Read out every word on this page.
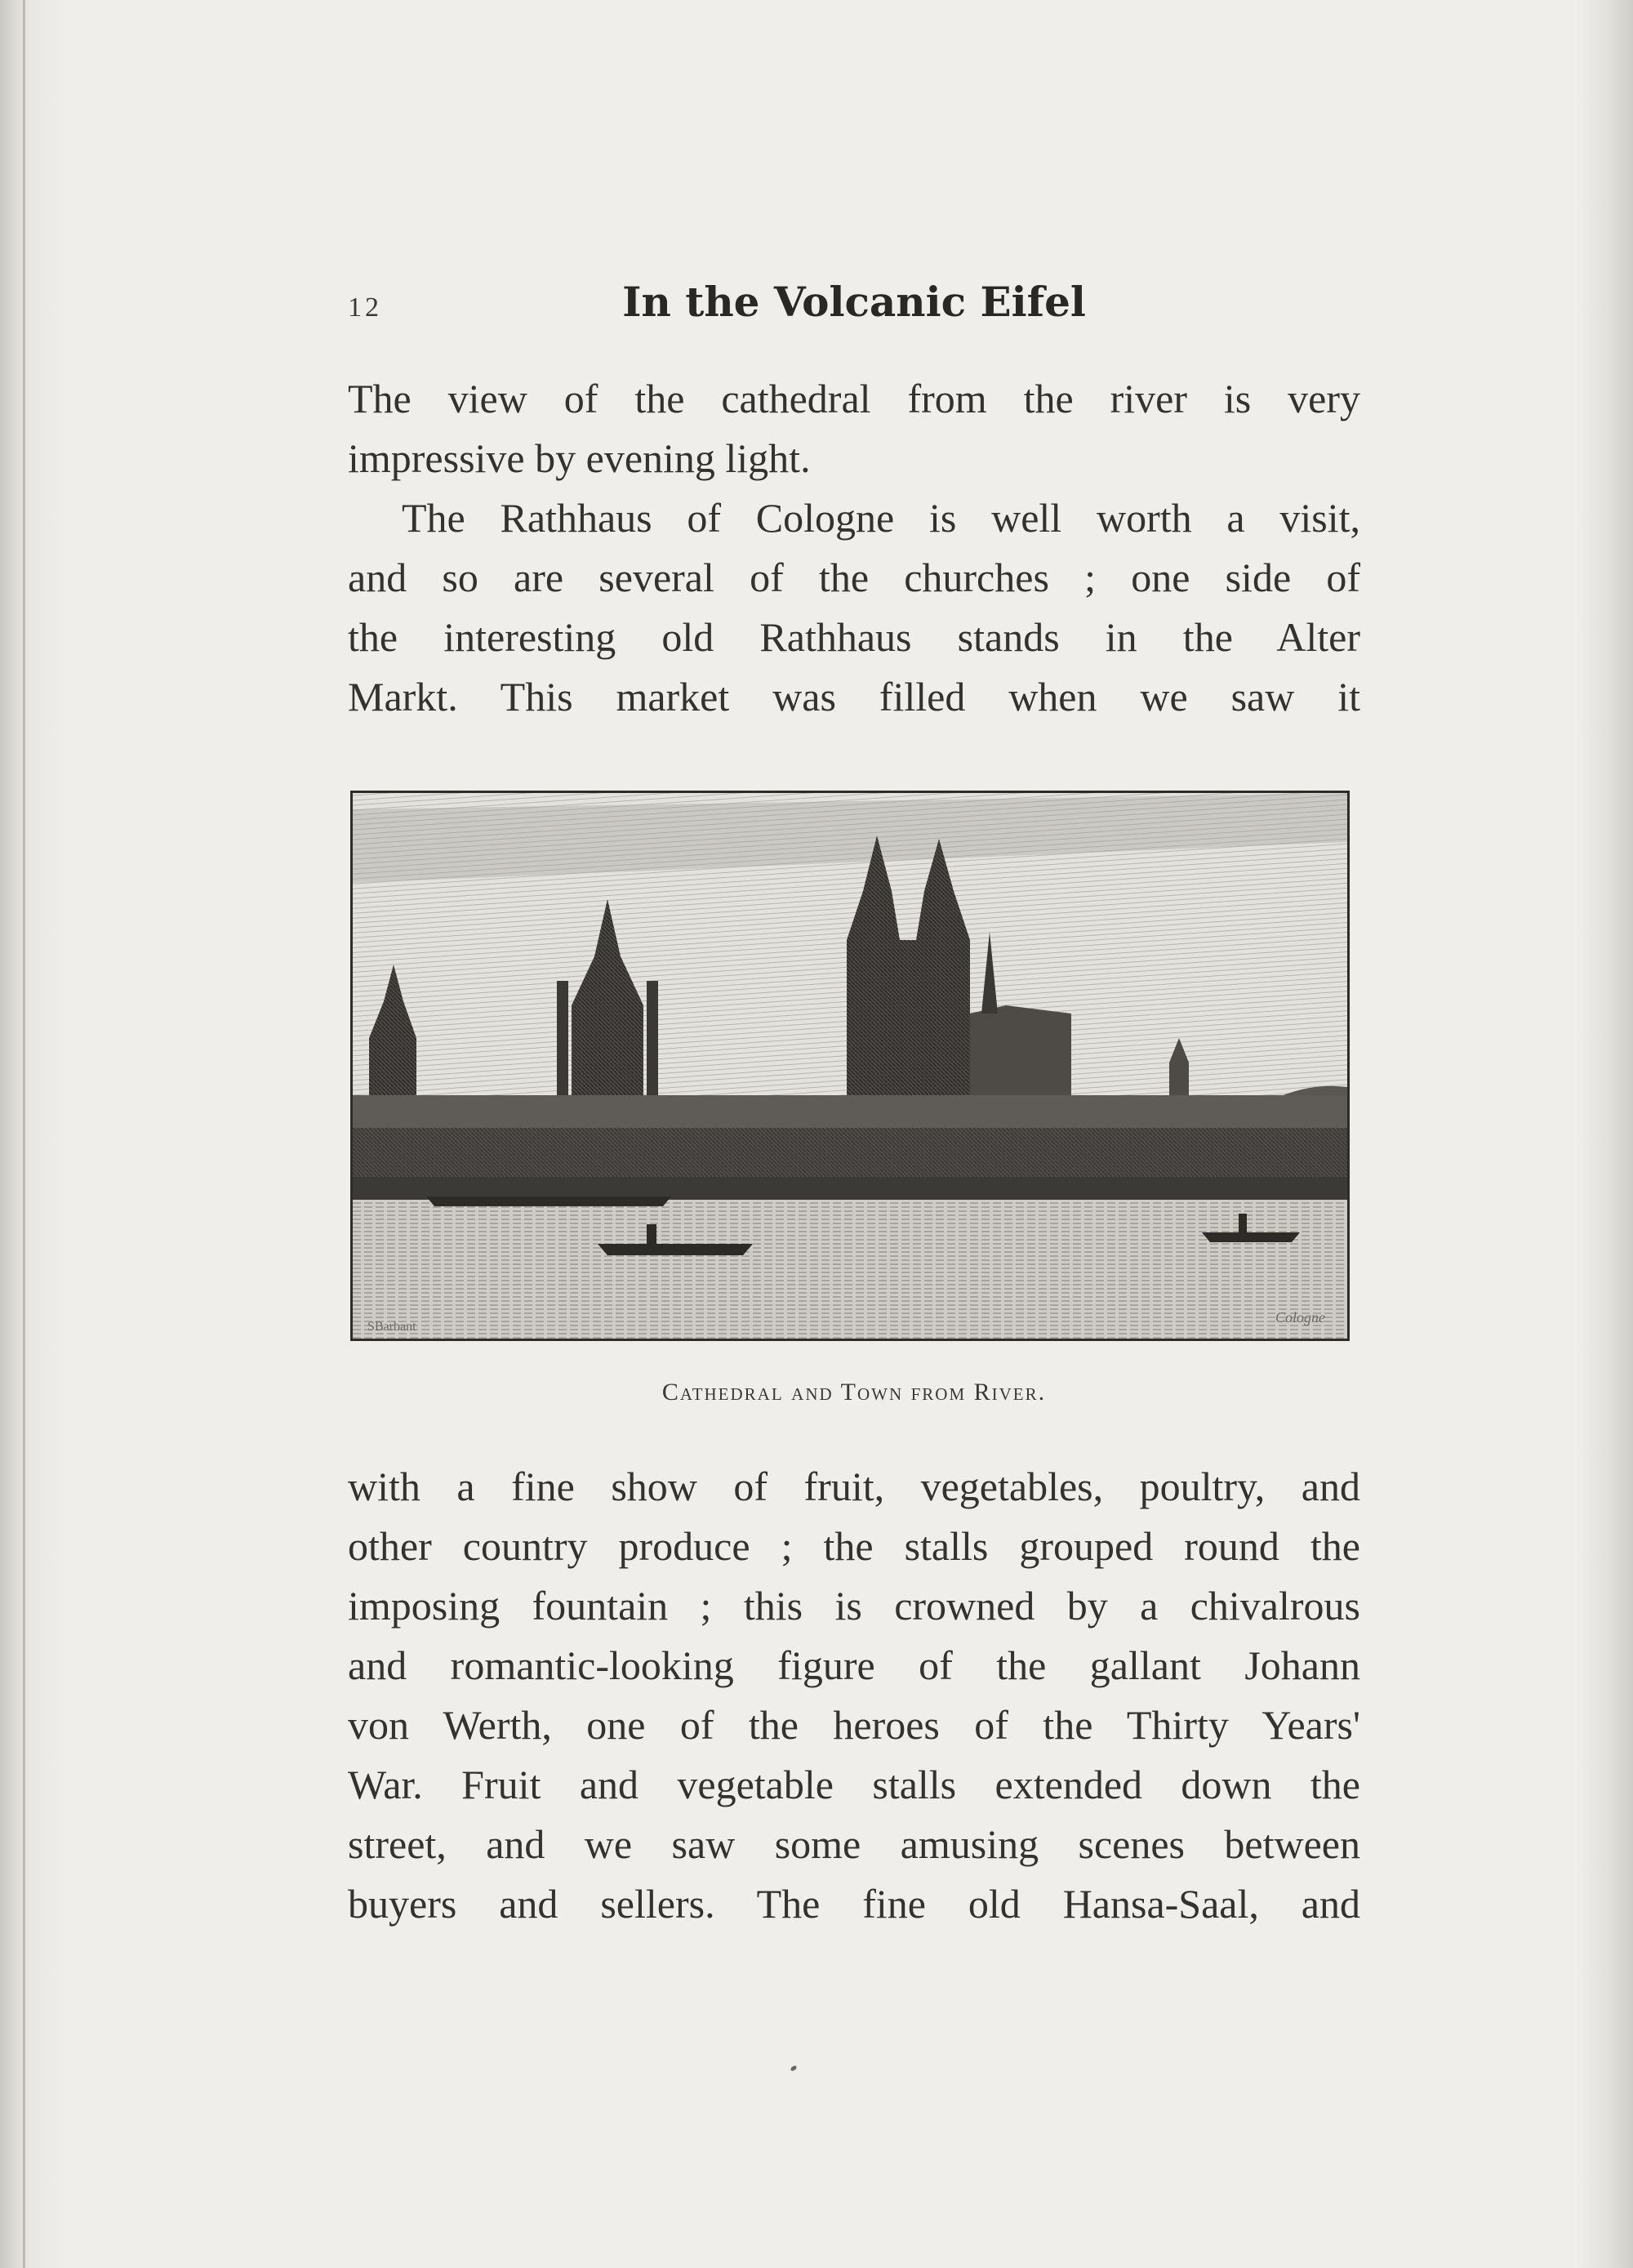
12	In the Volcanic Eifel
The view of the cathedral from the river is very
impressive by evening light.
The Rathhaus of Cologne is well worth a visit,
and so are several of the churches ; one side of
the interesting old Rathhaus stands in the Alter
Markt. This market was filled when we saw it
SBarbant
Cologne
Cathedral and Town from River.
with a fine show of fruit, vegetables, poultry, and
other country produce ; the stalls grouped round the
imposing fountain ; this is crowned by a chivalrous
and romantic-looking figure of the gallant Johann
von Werth, one of the heroes of the Thirty Years'
War. Fruit and vegetable stalls extended down the
street, and we saw some amusing scenes between
buyers and sellers. The fine old Hansa-Saal, and
